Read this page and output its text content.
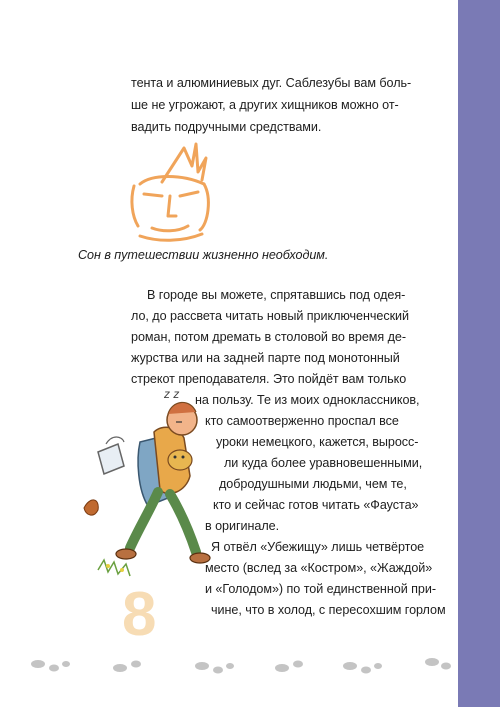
тента и алюминиевых дуг. Саблезубы вам боль-
ше не угрожают, а других хищников можно от-
вадить подручными средствами.
Сон в путешествии жизненно необходим.
В городе вы можете, спрятавшись под одея-
ло, до рассвета читать новый приключенческий
роман, потом дремать в столовой во время де-
журства или на задней парте под монотонный
стрекот преподавателя. Это пойдёт вам только
на пользу. Те из моих одноклассников,
кто самоотверженно проспал все
уроки немецкого, кажется, выросс-
ли куда более уравновешенными,
добродушными людьми, чем те,
кто и сейчас готов читать «Фауста»
в оригинале.
Я отвёл «Убежищу» лишь четвёртое
место (вслед за «Костром», «Жаждой»
и «Голодом») по той единственной при-
чине, что в холод, с пересохшим горлом
z z
8
